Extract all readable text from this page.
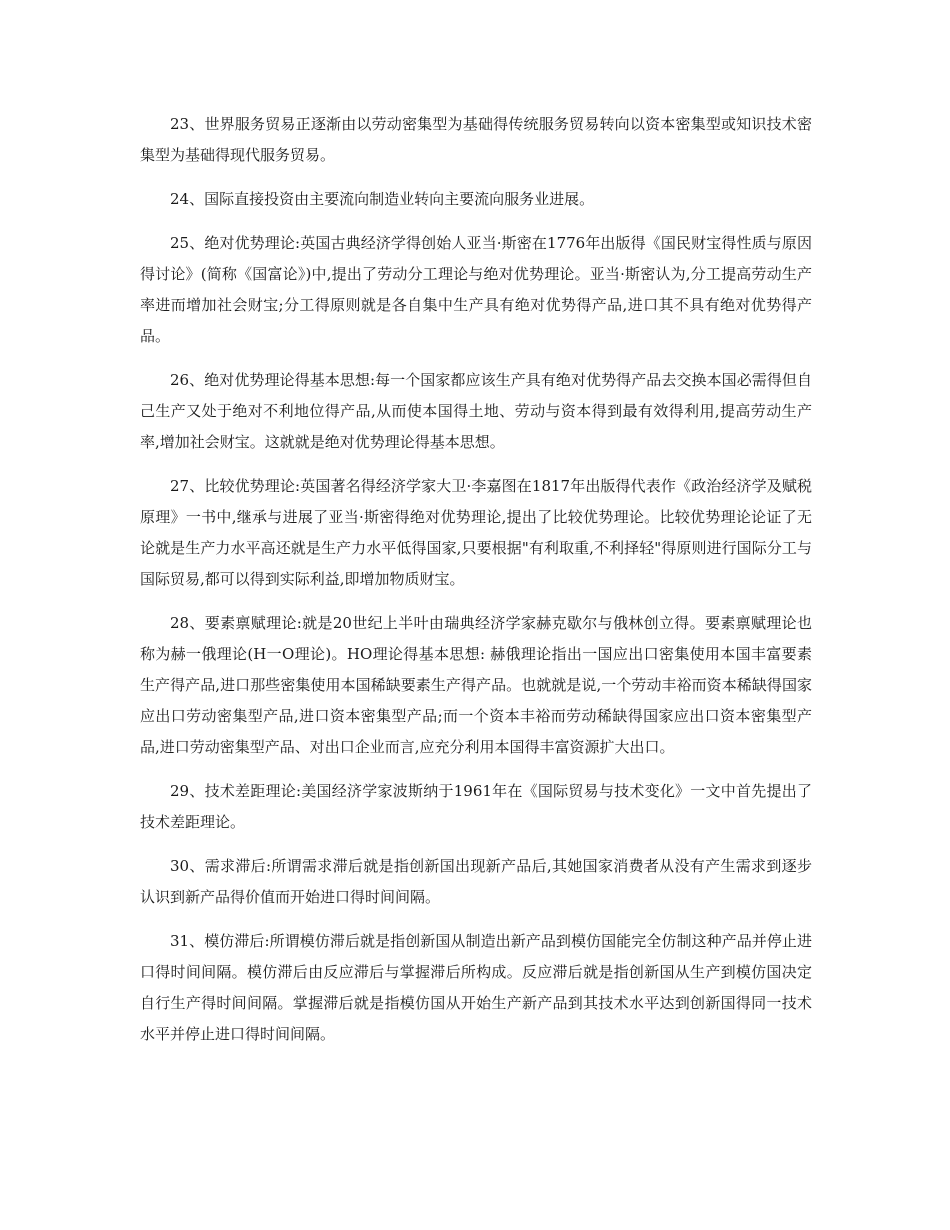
23、世界服务贸易正逐渐由以劳动密集型为基础得传统服务贸易转向以资本密集型或知识技术密集型为基础得现代服务贸易。

24、国际直接投资由主要流向制造业转向主要流向服务业进展。

25、绝对优势理论:英国古典经济学得创始人亚当·斯密在1776年出版得《国民财宝得性质与原因得讨论》(简称《国富论》)中,提出了劳动分工理论与绝对优势理论。亚当·斯密认为,分工提高劳动生产率进而增加社会财宝;分工得原则就是各自集中生产具有绝对优势得产品,进口其不具有绝对优势得产品。

26、绝对优势理论得基本思想:每一个国家都应该生产具有绝对优势得产品去交换本国必需得但自己生产又处于绝对不利地位得产品,从而使本国得土地、劳动与资本得到最有效得利用,提高劳动生产率,增加社会财宝。这就就是绝对优势理论得基本思想。

27、比较优势理论:英国著名得经济学家大卫·李嘉图在1817年出版得代表作《政治经济学及赋税原理》一书中,继承与进展了亚当·斯密得绝对优势理论,提出了比较优势理论。比较优势理论论证了无论就是生产力水平高还就是生产力水平低得国家,只要根据"有利取重,不利择轻"得原则进行国际分工与国际贸易,都可以得到实际利益,即增加物质财宝。

28、要素禀赋理论:就是20世纪上半叶由瑞典经济学家赫克歇尔与俄林创立得。要素禀赋理论也称为赫一俄理论(H一O理论)。HO理论得基本思想: 赫俄理论指出一国应出口密集使用本国丰富要素生产得产品,进口那些密集使用本国稀缺要素生产得产品。也就就是说,一个劳动丰裕而资本稀缺得国家应出口劳动密集型产品,进口资本密集型产品;而一个资本丰裕而劳动稀缺得国家应出口资本密集型产品,进口劳动密集型产品、对出口企业而言,应充分利用本国得丰富资源扩大出口。

29、技术差距理论:美国经济学家波斯纳于1961年在《国际贸易与技术变化》一文中首先提出了技术差距理论。

30、需求滞后:所谓需求滞后就是指创新国出现新产品后,其她国家消费者从没有产生需求到逐步认识到新产品得价值而开始进口得时间间隔。

31、模仿滞后:所谓模仿滞后就是指创新国从制造出新产品到模仿国能完全仿制这种产品并停止进口得时间间隔。模仿滞后由反应滞后与掌握滞后所构成。反应滞后就是指创新国从生产到模仿国决定自行生产得时间间隔。掌握滞后就是指模仿国从开始生产新产品到其技术水平达到创新国得同一技术水平并停止进口得时间间隔。
